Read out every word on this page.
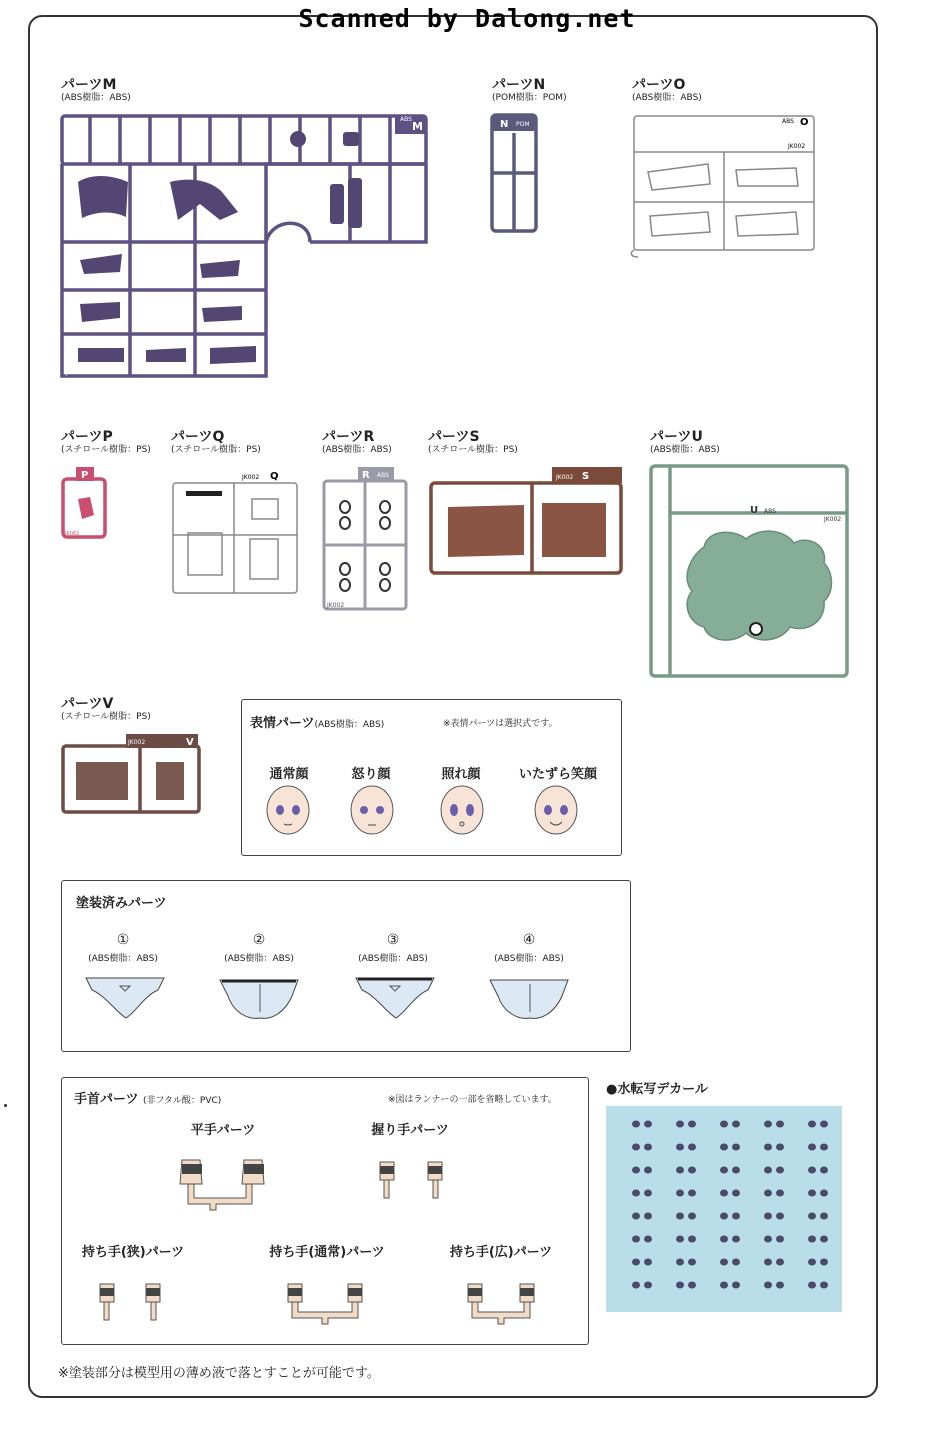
Scanned by Dalong.net
パーツM
(ABS樹脂：ABS)
パーツN
(POM樹脂：POM)
パーツO
(ABS樹脂：ABS)
パーツP
(スチロール樹脂：PS)
パーツQ
(スチロール樹脂：PS)
パーツR
(ABS樹脂：ABS)
パーツS
(スチロール樹脂：PS)
パーツU
(ABS樹脂：ABS)
パーツV
(スチロール樹脂：PS)
ABS
M
JK002
N POM	ABS O
JK002
P
JK002
JK002 Q	R ABS
JK002
JK002 S
U ABS
JK002
JK002	V
表情パーツ(ABS樹脂：ABS)	※表情パーツは選択式です。
通常顔	怒り顔	照れ顔	いたずら笑顔
塗装済みパーツ
①
(ABS樹脂：ABS)
②
(ABS樹脂：ABS)
③
(ABS樹脂：ABS)
④
(ABS樹脂：ABS)
手首パーツ (非フタル酸：PVC)	※図はランナーの一部を省略しています。
平手パーツ	握り手パーツ
持ち手(狭)パーツ	持ち手(通常)パーツ	持ち手(広)パーツ
●水転写デカール
※塗装部分は模型用の薄め液で落とすことが可能です。
